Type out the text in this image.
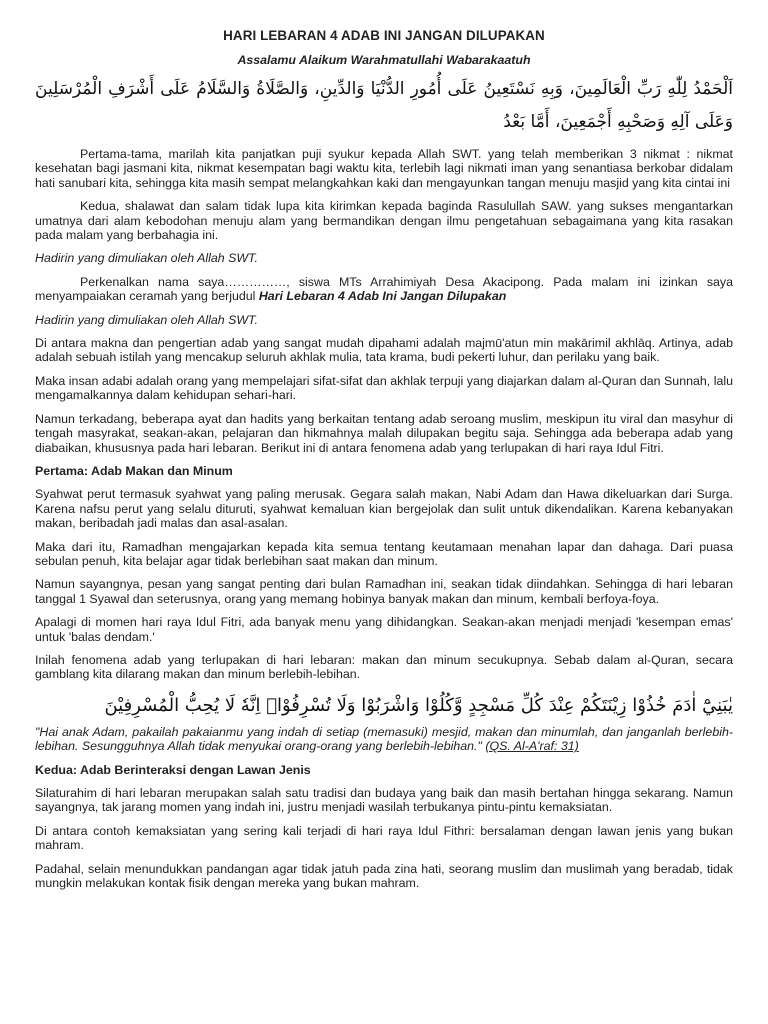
HARI LEBARAN 4 ADAB INI JANGAN DILUPAKAN
Assalamu Alaikum Warahmatullahi Wabarakaatuh
اَلْحَمْدُ لِلّٰهِ رَبِّ الْعَالَمِينَ، وَبِهِ نَسْتَعِينُ عَلَى أُمُورِ الدُّنْيَا وَالدِّينِ، وَالصَّلَاةُ وَالسَّلَامُ عَلَى أَشْرَفِ الْمُرْسَلِينَ وَعَلَى آلِهِ وَصَحْبِهِ أَجْمَعِينَ، أَمَّا بَعْدُ

Pertama-tama, marilah kita panjatkan puji syukur kepada Allah SWT. yang telah memberikan 3 nikmat : nikmat kesehatan bagi jasmani kita, nikmat kesempatan bagi waktu kita, terlebih lagi nikmati iman yang senantiasa berkobar didalam hati sanubari kita, sehingga kita masih sempat melangkahkan kaki dan mengayunkan tangan menuju masjid yang kita cintai ini

Kedua, shalawat dan salam tidak lupa kita kirimkan kepada baginda Rasulullah SAW. yang sukses mengantarkan umatnya dari alam kebodohan menuju alam yang bermandikan dengan ilmu pengetahuan sebagaimana yang kita rasakan pada malam yang berbahagia ini.

Hadirin yang dimuliakan oleh Allah SWT.

Perkenalkan nama saya……………, siswa MTs Arrahimiyah Desa Akacipong. Pada malam ini izinkan saya menyampaiakan ceramah yang berjudul Hari Lebaran 4 Adab Ini Jangan Dilupakan

Hadirin yang dimuliakan oleh Allah SWT.

Di antara makna dan pengertian adab yang sangat mudah dipahami adalah majmū'atun min makārimil akhlāq. Artinya, adab adalah sebuah istilah yang mencakup seluruh akhlak mulia, tata krama, budi pekerti luhur, dan perilaku yang baik.

Maka insan adabi adalah orang yang mempelajari sifat-sifat dan akhlak terpuji yang diajarkan dalam al-Quran dan Sunnah, lalu mengamalkannya dalam kehidupan sehari-hari.

Namun terkadang, beberapa ayat dan hadits yang berkaitan tentang adab seroang muslim, meskipun itu viral dan masyhur di tengah masyrakat, seakan-akan, pelajaran dan hikmahnya malah dilupakan begitu saja. Sehingga ada beberapa adab yang diabaikan, khususnya pada hari lebaran. Berikut ini di antara fenomena adab yang terlupakan di hari raya Idul Fitri.

Pertama: Adab Makan dan Minum

Syahwat perut termasuk syahwat yang paling merusak. Gegara salah makan, Nabi Adam dan Hawa dikeluarkan dari Surga. Karena nafsu perut yang selalu dituruti, syahwat kemaluan kian bergejolak dan sulit untuk dikendalikan. Karena kebanyakan makan, beribadah jadi malas dan asal-asalan.

Maka dari itu, Ramadhan mengajarkan kepada kita semua tentang keutamaan menahan lapar dan dahaga. Dari puasa sebulan penuh, kita belajar agar tidak berlebihan saat makan dan minum.

Namun sayangnya, pesan yang sangat penting dari bulan Ramadhan ini, seakan tidak diindahkan. Sehingga di hari lebaran tanggal 1 Syawal dan seterusnya, orang yang memang hobinya banyak makan dan minum, kembali berfoya-foya.

Apalagi di momen hari raya Idul Fitri, ada banyak menu yang dihidangkan. Seakan-akan menjadi menjadi 'kesempan emas' untuk 'balas dendam.'

Inilah fenomena adab yang terlupakan di hari lebaran: makan dan minum secukupnya. Sebab dalam al-Quran, secara gamblang kita dilarang makan dan minum berlebih-lebihan.

يٰبَنِيْٓ اٰدَمَ خُذُوْا زِيْنَتَكُمْ عِنْدَ كُلِّ مَسْجِدٍ وَّكُلُوْا وَاشْرَبُوْا وَلَا تُسْرِفُوْاۚ اِنَّهٗ لَا يُحِبُّ الْمُسْرِفِيْنَ

"Hai anak Adam, pakailah pakaianmu yang indah di setiap (memasuki) mesjid, makan dan minumlah, dan janganlah berlebih-lebihan. Sesungguhnya Allah tidak menyukai orang-orang yang berlebih-lebihan." (QS. Al-A'raf: 31)

Kedua: Adab Berinteraksi dengan Lawan Jenis

Silaturahim di hari lebaran merupakan salah satu tradisi dan budaya yang baik dan masih bertahan hingga sekarang. Namun sayangnya, tak jarang momen yang indah ini, justru menjadi wasilah terbukanya pintu-pintu kemaksiatan.

Di antara contoh kemaksiatan yang sering kali terjadi di hari raya Idul Fithri: bersalaman dengan lawan jenis yang bukan mahram.

Padahal, selain menundukkan pandangan agar tidak jatuh pada zina hati, seorang muslim dan muslimah yang beradab, tidak mungkin melakukan kontak fisik dengan mereka yang bukan mahram.
